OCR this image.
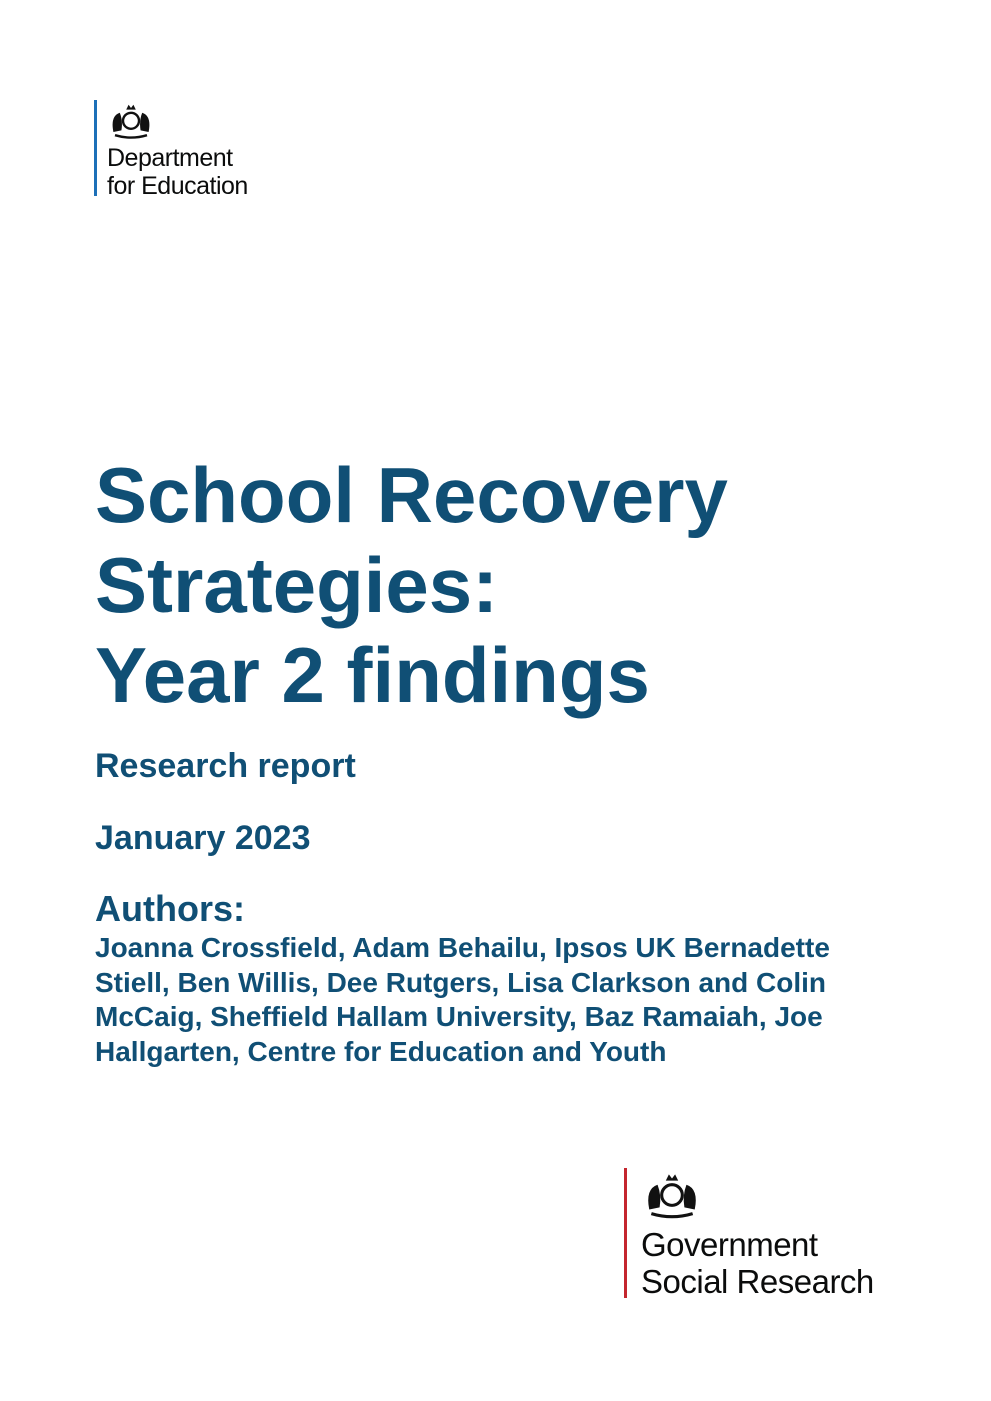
Department
for Education
School Recovery
Strategies:
Year 2 findings
Research report
January 2023
Authors:
Joanna Crossfield, Adam Behailu, Ipsos UK Bernadette Stiell, Ben Willis, Dee Rutgers, Lisa Clarkson and Colin McCaig, Sheffield Hallam University, Baz Ramaiah, Joe Hallgarten, Centre for Education and Youth
Government
Social Research
